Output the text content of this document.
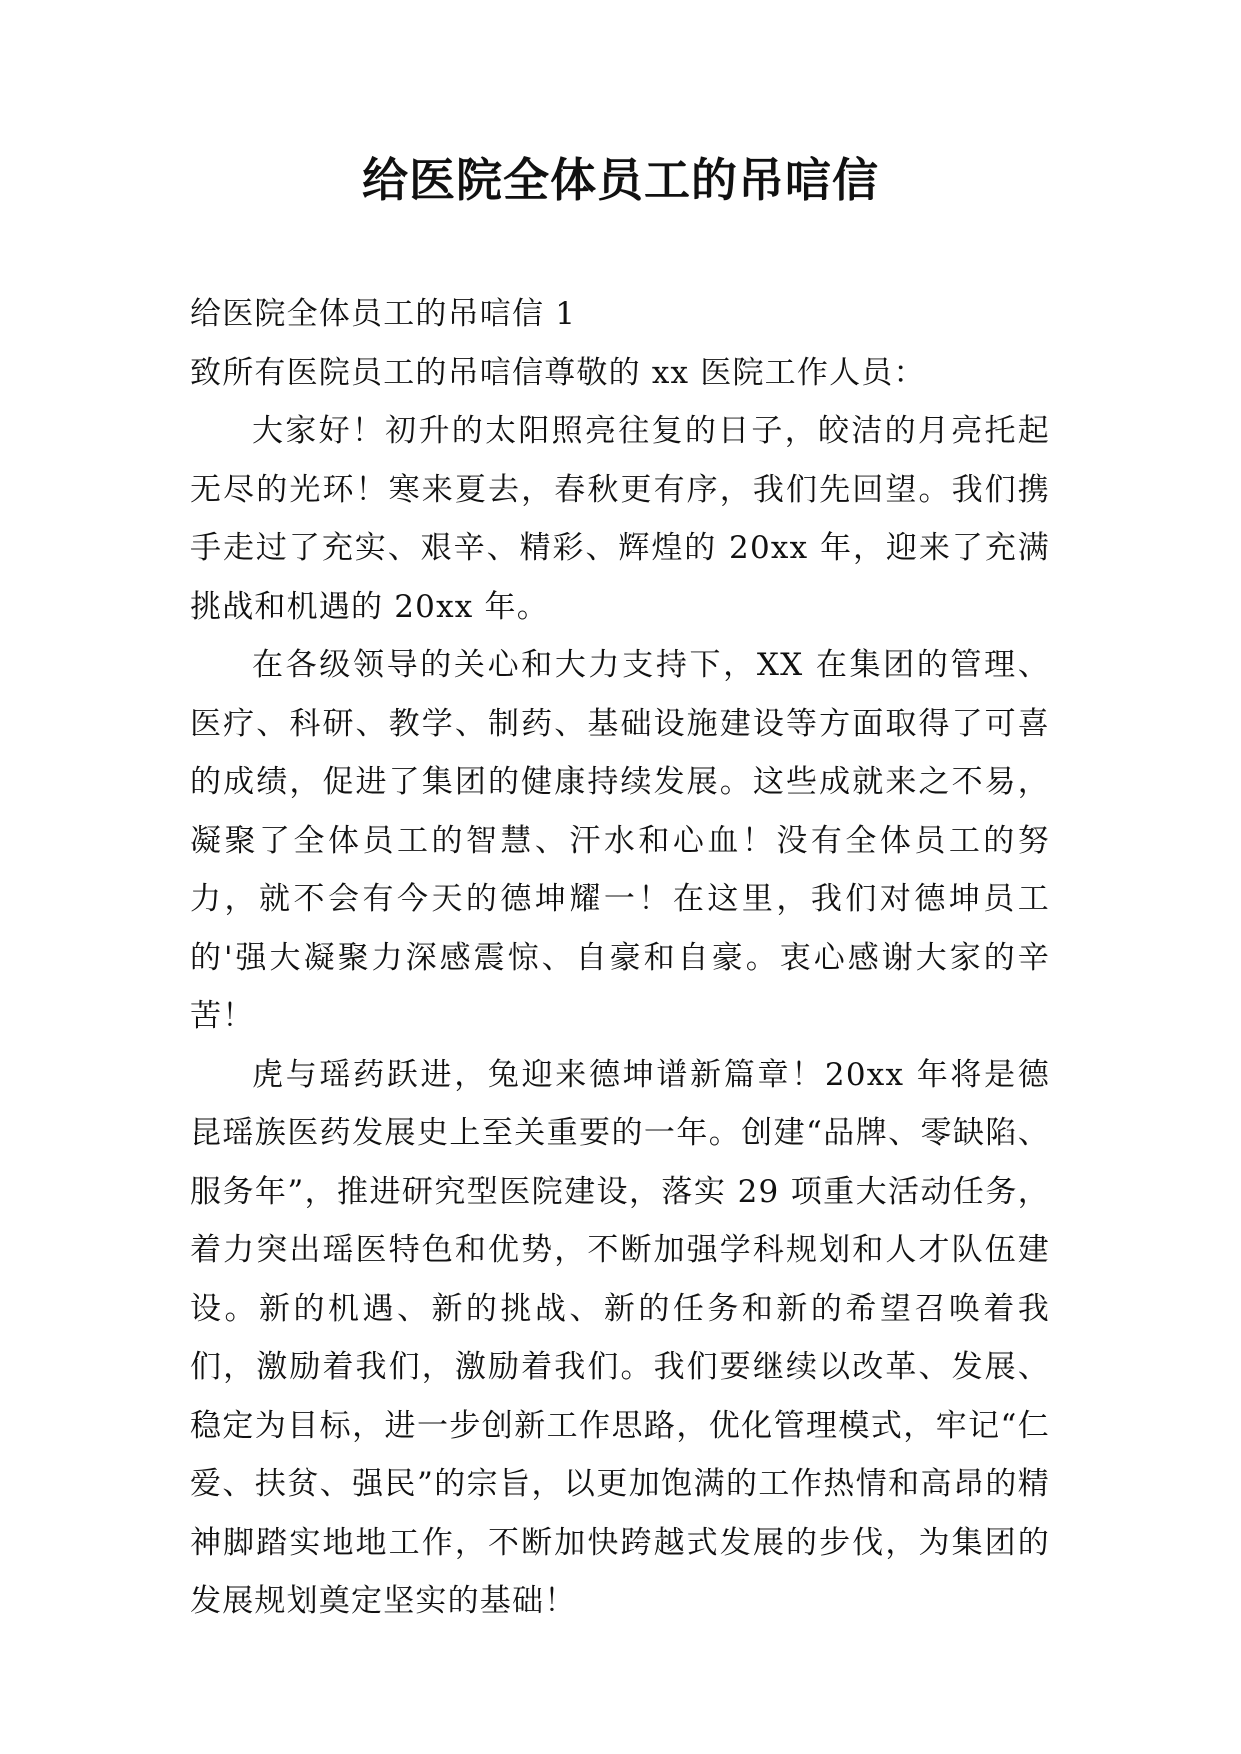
给医院全体员工的吊唁信

给医院全体员工的吊唁信 1

致所有医院员工的吊唁信尊敬的 xx 医院工作人员：

大家好！初升的太阳照亮往复的日子，皎洁的月亮托起无尽的光环！寒来夏去，春秋更有序，我们先回望。我们携手走过了充实、艰辛、精彩、辉煌的 20xx 年，迎来了充满挑战和机遇的 20xx 年。

在各级领导的关心和大力支持下，XX 在集团的管理、医疗、科研、教学、制药、基础设施建设等方面取得了可喜的成绩，促进了集团的健康持续发展。这些成就来之不易，凝聚了全体员工的智慧、汗水和心血！没有全体员工的努力，就不会有今天的德坤耀一！在这里，我们对德坤员工的'强大凝聚力深感震惊、自豪和自豪。衷心感谢大家的辛苦！

虎与瑶药跃进，兔迎来德坤谱新篇章！20xx 年将是德昆瑶族医药发展史上至关重要的一年。创建“品牌、零缺陷、服务年”，推进研究型医院建设，落实 29 项重大活动任务，着力突出瑶医特色和优势，不断加强学科规划和人才队伍建设。新的机遇、新的挑战、新的任务和新的希望召唤着我们，激励着我们，激励着我们。我们要继续以改革、发展、稳定为目标，进一步创新工作思路，优化管理模式，牢记“仁爱、扶贫、强民”的宗旨，以更加饱满的工作热情和高昂的精神脚踏实地地工作，不断加快跨越式发展的步伐，为集团的发展规划奠定坚实的基础！
